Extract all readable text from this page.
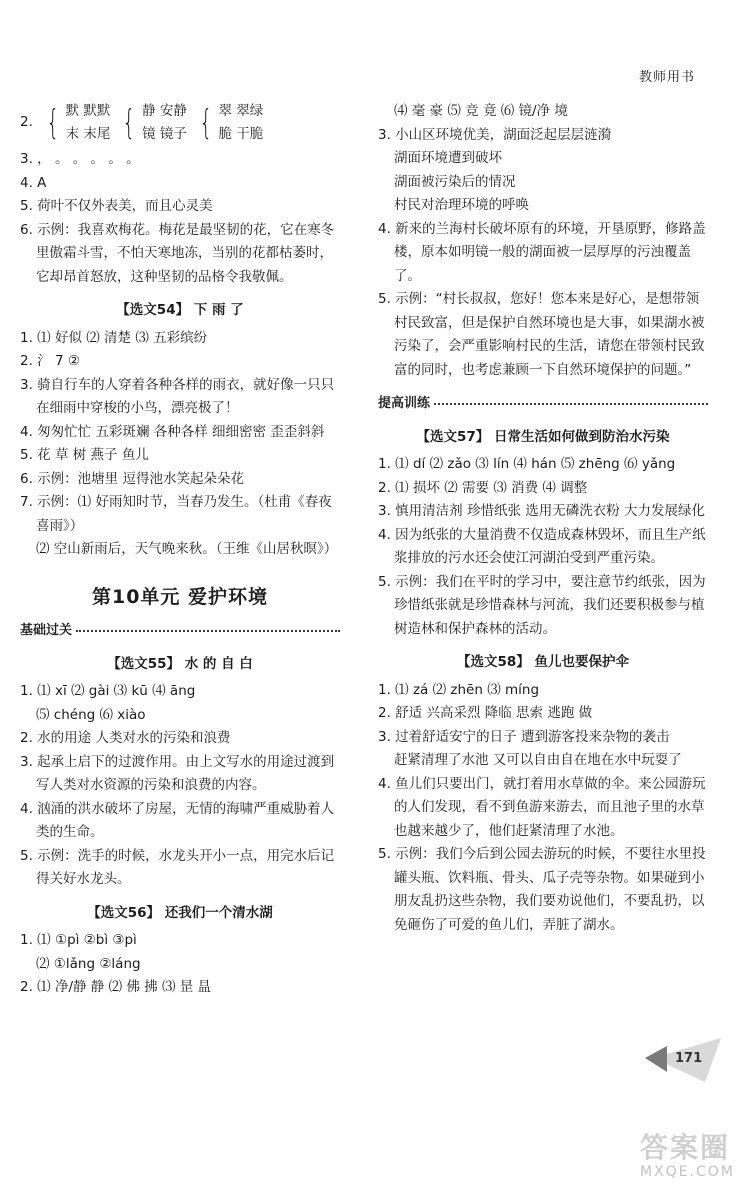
教师用书
2. { 默 默默
末 末尾 { 静 安静
镜 镜子 { 翠 翠绿
脆 干脆
3. ， 。 。 。 。 。
4. A
5. 荷叶不仅外表美，而且心灵美
6. 示例：我喜欢梅花。梅花是最坚韧的花，它在寒冬里傲霜斗雪，不怕天寒地冻，当别的花都枯萎时，它却昂首怒放，这种坚韧的品格令我敬佩。
【选文54】 下 雨 了
1. ⑴ 好似 ⑵ 清楚 ⑶ 五彩缤纷
2. 氵 7 ②
3. 骑自行车的人穿着各种各样的雨衣，就好像一只只在细雨中穿梭的小鸟，漂亮极了！
4. 匆匆忙忙 五彩斑斓 各种各样 细细密密 歪歪斜斜
5. 花 草 树 燕子 鱼儿
6. 示例：池塘里 逗得池水笑起朵朵花
7. 示例：⑴ 好雨知时节，当春乃发生。（杜甫《春夜喜雨》）
⑵ 空山新雨后，天气晚来秋。（王维《山居秋暝》）
第10单元 爱护环境
基础过关
【选文55】 水 的 自 白
1. ⑴ xī ⑵ gài ⑶ kū ⑷ āng
⑸ chéng ⑹ xiào
2. 水的用途 人类对水的污染和浪费
3. 起承上启下的过渡作用。由上文写水的用途过渡到写人类对水资源的污染和浪费的内容。
4. 汹涌的洪水破坏了房屋，无情的海啸严重威胁着人类的生命。
5. 示例：洗手的时候，水龙头开小一点，用完水后记得关好水龙头。
【选文56】 还我们一个清水湖
1. ⑴ ①pì ②bì ③pì
⑵ ①lǎng ②láng
2. ⑴ 净/静 静 ⑵ 佛 拂 ⑶ 昰 昷
⑷ 毫 豪 ⑸ 竞 竟 ⑹ 镜/净 境
3. 小山区环境优美，湖面泛起层层涟漪
湖面环境遭到破坏
湖面被污染后的情况
村民对治理环境的呼唤
4. 新来的兰海村长破坏原有的环境，开垦原野，修路盖楼，原本如明镜一般的湖面被一层厚厚的污浊覆盖了。
5. 示例：“村长叔叔，您好！您本来是好心，是想带领村民致富，但是保护自然环境也是大事，如果湖水被污染了，会严重影响村民的生活，请您在带领村民致富的同时，也考虑兼顾一下自然环境保护的问题。”
提高训练
【选文57】 日常生活如何做到防治水污染
1. ⑴ dí ⑵ zǎo ⑶ lín ⑷ hán ⑸ zhēng ⑹ yǎng
2. ⑴ 损坏 ⑵ 需要 ⑶ 消费 ⑷ 调整
3. 慎用清洁剂 珍惜纸张 选用无磷洗衣粉 大力发展绿化
4. 因为纸张的大量消费不仅造成森林毁坏，而且生产纸浆排放的污水还会使江河湖泊受到严重污染。
5. 示例：我们在平时的学习中，要注意节约纸张，因为珍惜纸张就是珍惜森林与河流，我们还要积极参与植树造林和保护森林的活动。
【选文58】 鱼儿也要保护伞
1. ⑴ zá ⑵ zhēn ⑶ míng
2. 舒适 兴高采烈 降临 思索 逃跑 做
3. 过着舒适安宁的日子 遭到游客投来杂物的袭击
赶紧清理了水池 又可以自由自在地在水中玩耍了
4. 鱼儿们只要出门，就打着用水草做的伞。来公园游玩的人们发现，看不到鱼游来游去，而且池子里的水草也越来越少了，他们赶紧清理了水池。
5. 示例：我们今后到公园去游玩的时候，不要往水里投罐头瓶、饮料瓶、骨头、瓜子壳等杂物。如果碰到小朋友乱扔这些杂物，我们要劝说他们，不要乱扔，以免砸伤了可爱的鱼儿们，弄脏了湖水。
171
答案圈
MXQE.COM
